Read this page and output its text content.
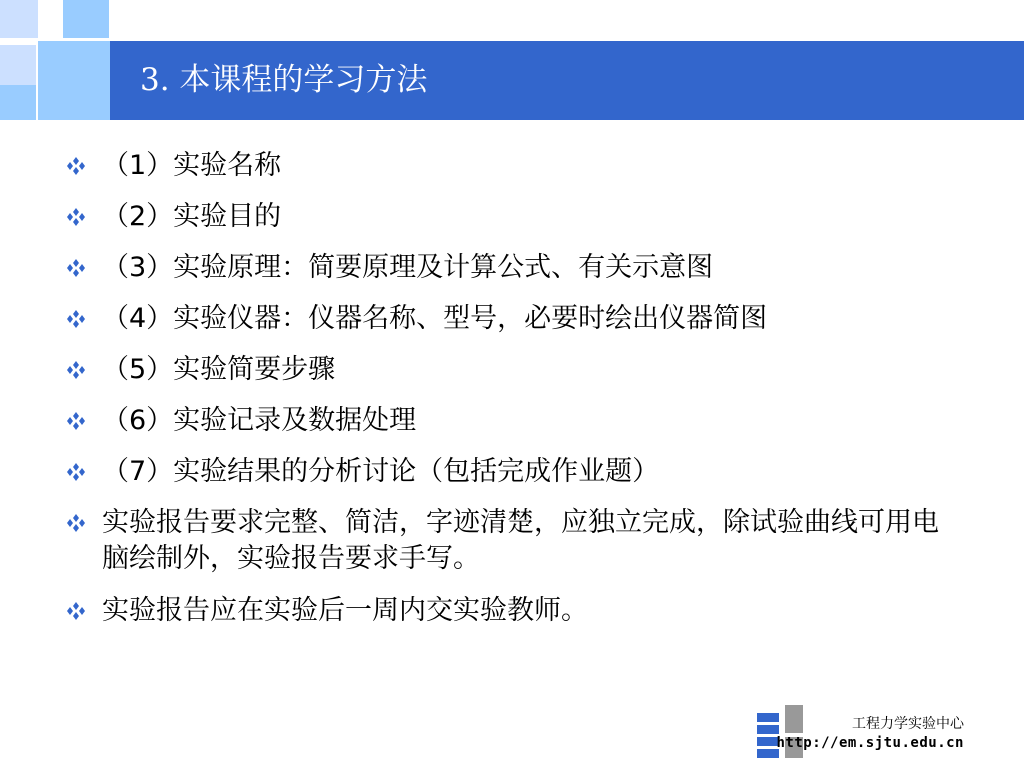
3. 本课程的学习方法
（1）实验名称
（2）实验目的
（3）实验原理：简要原理及计算公式、有关示意图
（4）实验仪器：仪器名称、型号，必要时绘出仪器简图
（5）实验简要步骤
（6）实验记录及数据处理
（7）实验结果的分析讨论（包括完成作业题）
实验报告要求完整、简洁，字迹清楚，应独立完成，除试验曲线可用电脑绘制外，实验报告要求手写。
实验报告应在实验后一周内交实验教师。
工程力学实验中心
http://em.sjtu.edu.cn
